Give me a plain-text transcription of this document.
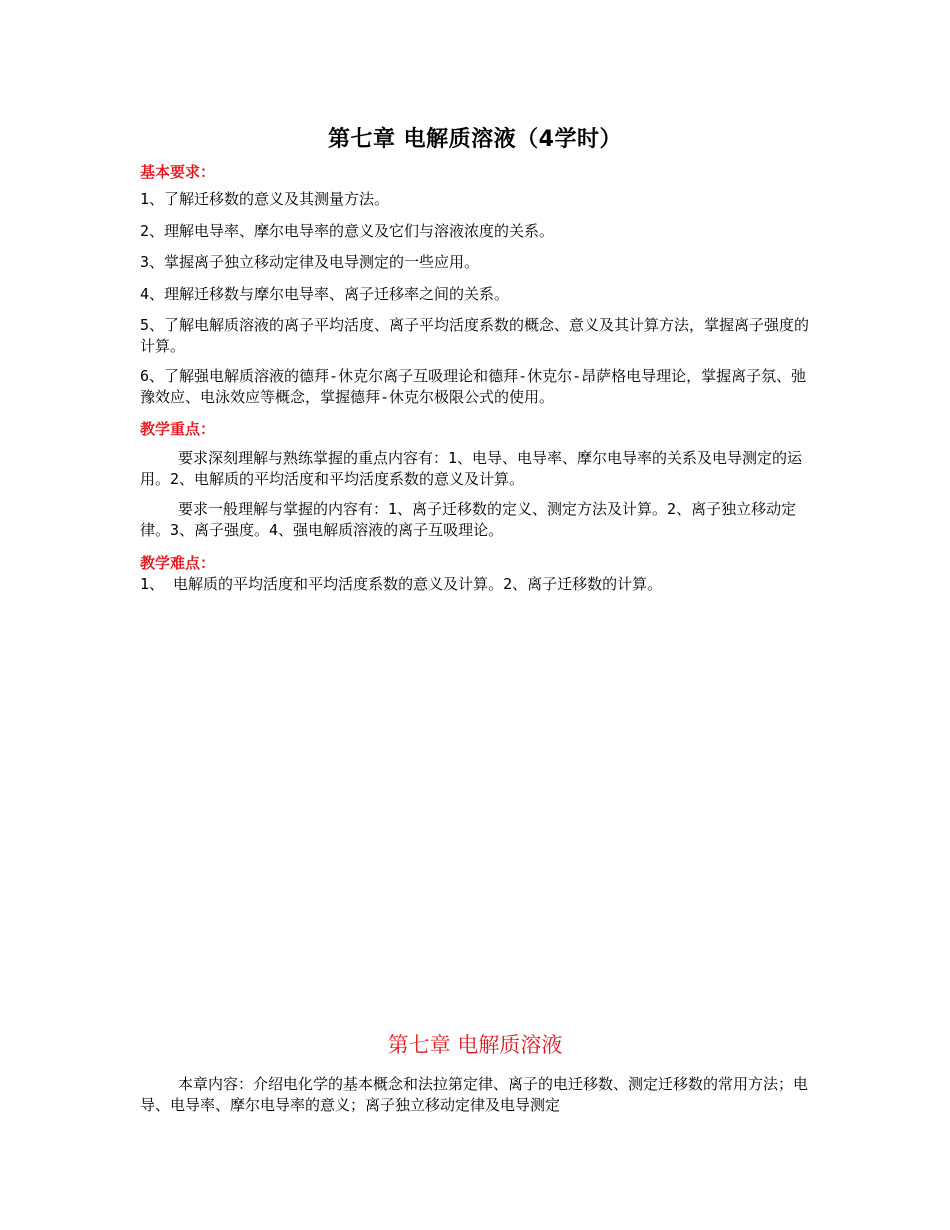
第七章 电解质溶液（4学时）
基本要求：
1、了解迁移数的意义及其测量方法。
2、理解电导率、摩尔电导率的意义及它们与溶液浓度的关系。
3、掌握离子独立移动定律及电导测定的一些应用。
4、理解迁移数与摩尔电导率、离子迁移率之间的关系。
5、了解电解质溶液的离子平均活度、离子平均活度系数的概念、意义及其计算方法，掌握离子强度的计算。
6、了解强电解质溶液的德拜-休克尔离子互吸理论和德拜-休克尔-昂萨格电导理论，掌握离子氛、弛豫效应、电泳效应等概念，掌握德拜-休克尔极限公式的使用。
教学重点：
要求深刻理解与熟练掌握的重点内容有：1、电导、电导率、摩尔电导率的关系及电导测定的运用。2、电解质的平均活度和平均活度系数的意义及计算。
要求一般理解与掌握的内容有：1、离子迁移数的定义、测定方法及计算。2、离子独立移动定律。3、离子强度。4、强电解质溶液的离子互吸理论。
教学难点：
1、 电解质的平均活度和平均活度系数的意义及计算。2、离子迁移数的计算。
第七章 电解质溶液
本章内容：介绍电化学的基本概念和法拉第定律、离子的电迁移数、测定迁移数的常用方法；电导、电导率、摩尔电导率的意义；离子独立移动定律及电导测定
